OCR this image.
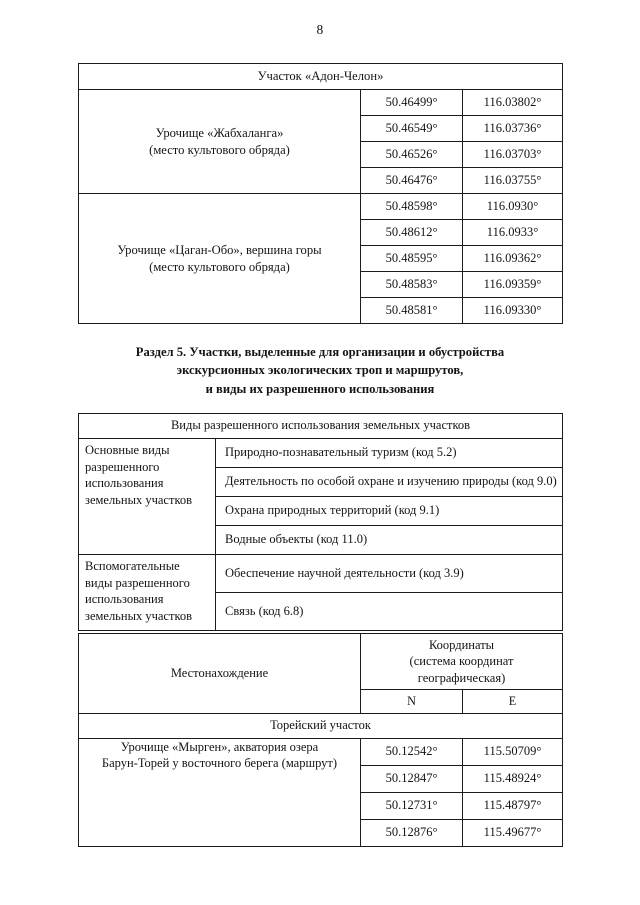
8
Участок «Адон-Челон»		
Урочище «Жабхаланга»
(место культового обряда)	50.46499°	116.03802°
	50.46549°	116.03736°
	50.46526°	116.03703°
	50.46476°	116.03755°
Урочище «Цаган-Обо», вершина горы
(место культового обряда)	50.48598°	116.0930°
	50.48612°	116.0933°
	50.48595°	116.09362°
	50.48583°	116.09359°
	50.48581°	116.09330°
Раздел 5. Участки, выделенные для организации и обустройства
экскурсионных экологических троп и маршрутов,
и виды их разрешенного использования
Виды разрешенного использования земельных участков	
Основные виды
разрешенного
использования
земельных участков	Природно-познавательный туризм (код 5.2)
	Деятельность по особой охране и изучению природы (код 9.0)
	Охрана природных территорий (код 9.1)
	Водные объекты (код 11.0)
Вспомогательные
виды разрешенного
использования
земельных участков	Обеспечение научной деятельности (код 3.9)
	Связь (код 6.8)
Местонахождение	Координаты
(система координат географическая)	
	N	E
Торейский участок		
Урочище «Мырген», акватория озера
Барун-Торей у восточного берега (маршрут)	50.12542°	115.50709°
	50.12847°	115.48924°
	50.12731°	115.48797°
	50.12876°	115.49677°
